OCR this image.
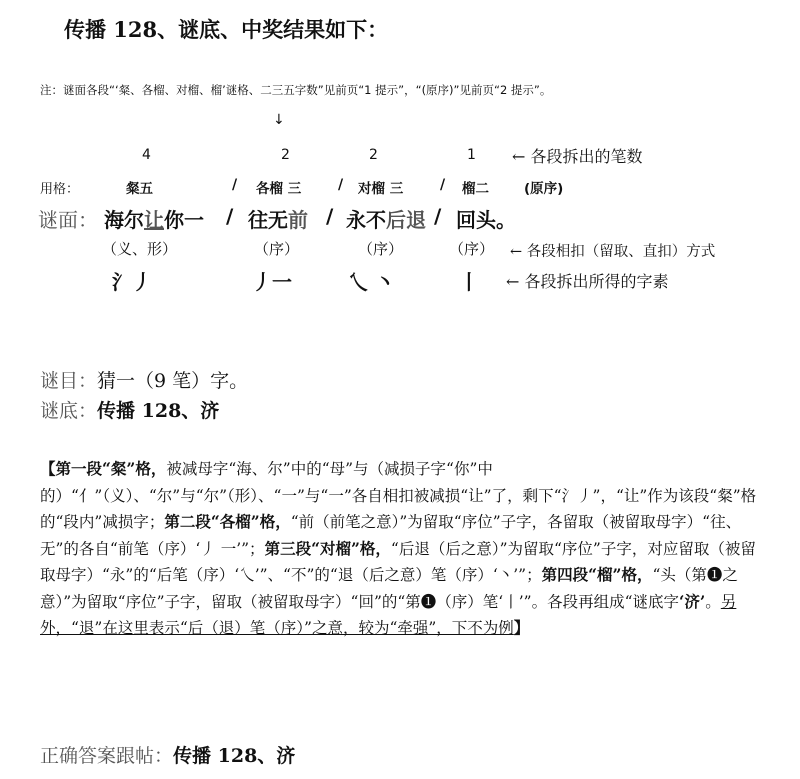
传播 128、谜底、中奖结果如下：
注：谜面各段“‘粲、各榴、对榴、榴’谜格、二三五字数”见前页“1 提示”，“(原序)”见前页“2 提示”。
↓
4	2	2	1 ← 各段拆出的笔数
用格：	粲五	/ 各榴 三	/ 对榴 三	/ 榴二	(原序)
谜面： 海尔让你一 / 往无前 / 永不后退 / 回头。
（义、形）	（序）	（序）	（序） ← 各段相扣（留取、直扣）方式
氵丿	丿一	乀 丶	丨 ← 各段拆出所得的字素
谜目：猜一（9 笔）字。
谜底：传播 128、济
【第一段“粲”格，被减母字“海、尔”中的“母”与（减损子字“你”中的）“亻”（义）、“尔”与“尔”（形）、“一”与“一”各自相扣被减损“让”了，剩下“氵丿”，“让”作为该段“粲”格的“段内”减损字；第二段“各榴”格，“前（前笔之意）”为留取“序位”子字，各留取（被留取母字）“往、无”的各自“前笔（序）‘丿 一’”；第三段“对榴”格，“后退（后之意）”为留取“序位”子字，对应留取（被留取母字）“永”的“后笔（序）‘乀’”、“不”的“退（后之意）笔（序）‘丶’”；第四段“榴”格，“头（第❶之意）”为留取“序位”子字，留取（被留取母字）“回”的“第❶（序）笔‘丨’”。各段再组成“谜底字‘济’。另外，“退”在这里表示“后（退）笔（序）”之意，较为“牵强”，下不为例】
正确答案跟帖：传播 128、济
